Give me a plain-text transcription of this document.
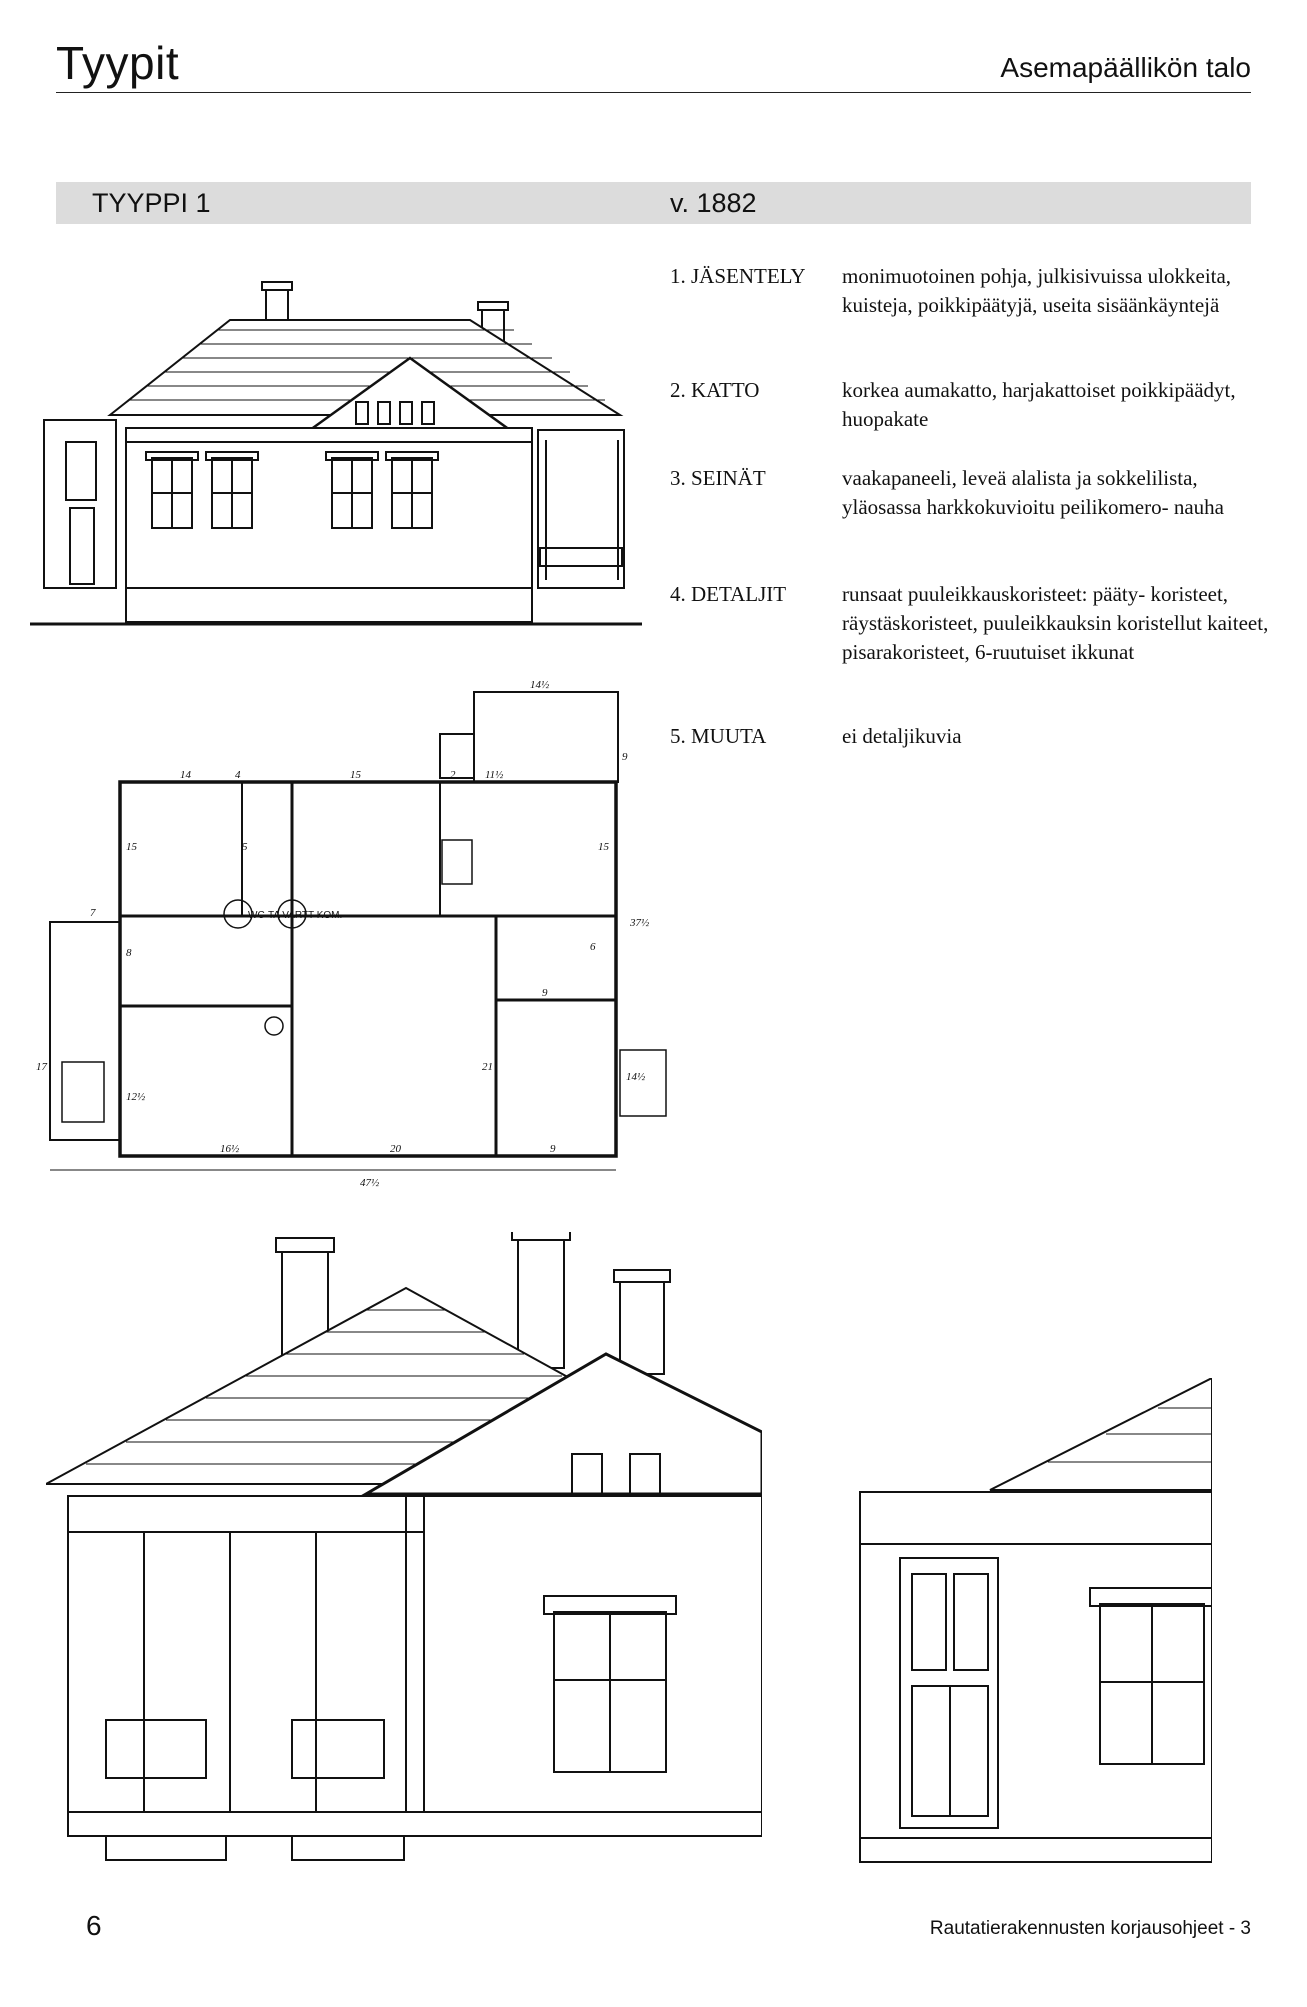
Tyypit	Asemapäällikön talo
TYYPPI 1	v. 1882
1. JÄSENTELY monimuotoinen pohja, julkisivuissa ulokkeita, kuisteja, poikkipäätyjä, useita sisäänkäyntejä
2. KATTO	korkea aumakatto, harjakattoiset poikkipäädyt, huopakate
3. SEINÄT	vaakapaneeli, leveä alalista ja sokkelilista, yläosassa harkkokuvioitu peilikomero- nauha
4. DETALJIT	runsaat puuleikkauskoristeet: pääty- koristeet, räystäskoristeet, puuleikkauksin koristellut kaiteet, pisarakoristeet, 6-ruutuiset ikkunat
5. MUUTA	ei detaljikuvia
WC-TA VARTT KOM.
14	4	15	2
5
11½
14½
9
15	15
7
8	6
37½
9
17	21
14½
12½
16½	20	9
47½
6	Rautatierakennusten korjausohjeet - 3
